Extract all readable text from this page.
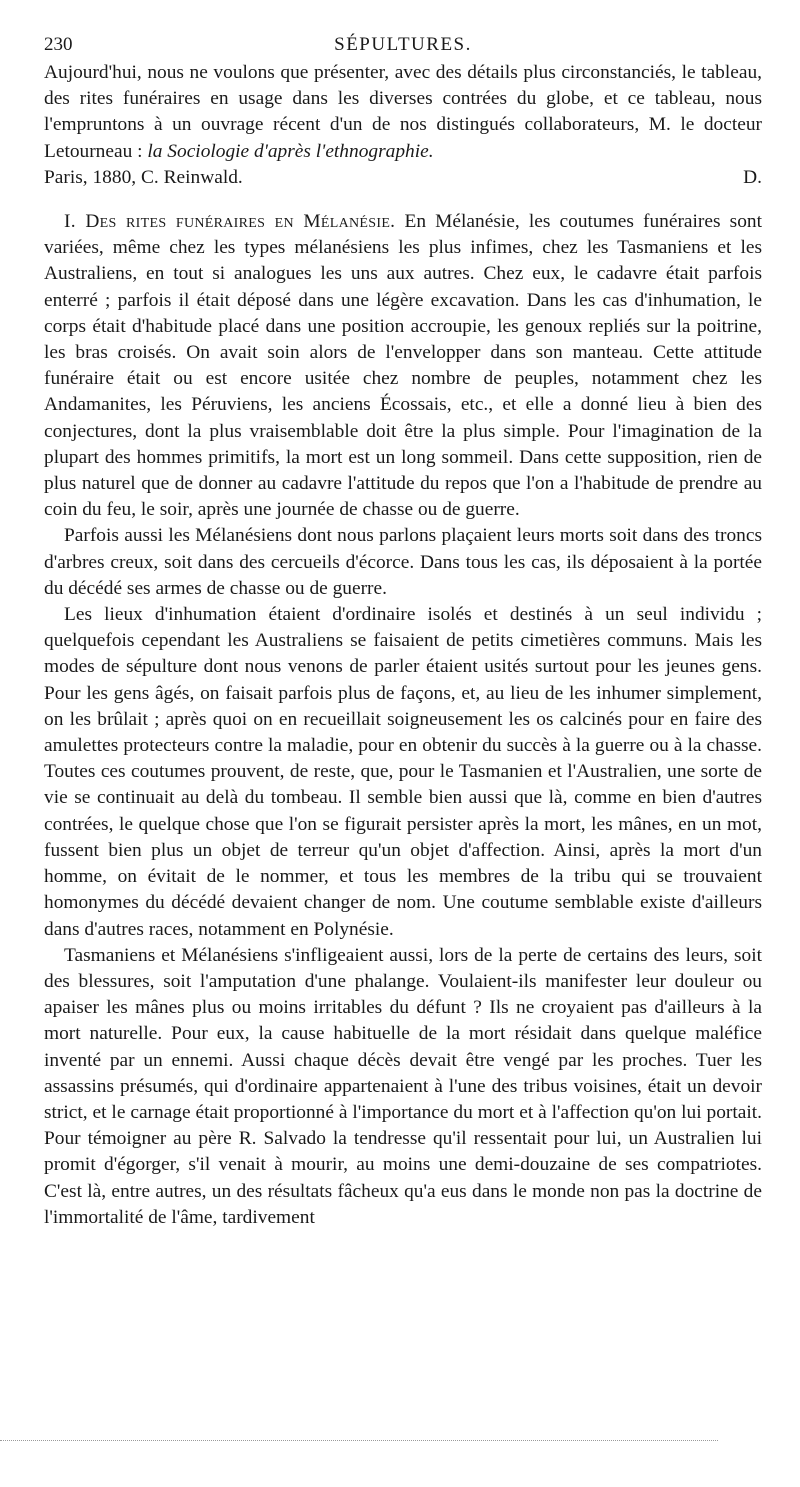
230	SÉPULTURES.

Aujourd'hui, nous ne voulons que présenter, avec des détails plus circonstanciés, le tableau, des rites funéraires en usage dans les diverses contrées du globe, et ce tableau, nous l'empruntons à un ouvrage récent d'un de nos distingués collaborateurs, M. le docteur Letourneau : la Sociologie d'après l'ethnographie.

Paris, 1880, C. Reinwald.	D.

I. Des rites funéraires en Mélanésie. En Mélanésie, les coutumes funéraires sont variées, même chez les types mélanésiens les plus infimes, chez les Tasmaniens et les Australiens, en tout si analogues les uns aux autres. Chez eux, le cadavre était parfois enterré ; parfois il était déposé dans une légère excavation. Dans les cas d'inhumation, le corps était d'habitude placé dans une position accroupie, les genoux repliés sur la poitrine, les bras croisés. On avait soin alors de l'envelopper dans son manteau. Cette attitude funéraire était ou est encore usitée chez nombre de peuples, notamment chez les Andamanites, les Péruviens, les anciens Écossais, etc., et elle a donné lieu à bien des conjectures, dont la plus vraisemblable doit être la plus simple. Pour l'imagination de la plupart des hommes primitifs, la mort est un long sommeil. Dans cette supposition, rien de plus naturel que de donner au cadavre l'attitude du repos que l'on a l'habitude de prendre au coin du feu, le soir, après une journée de chasse ou de guerre.

Parfois aussi les Mélanésiens dont nous parlons plaçaient leurs morts soit dans des troncs d'arbres creux, soit dans des cercueils d'écorce. Dans tous les cas, ils déposaient à la portée du décédé ses armes de chasse ou de guerre.

Les lieux d'inhumation étaient d'ordinaire isolés et destinés à un seul individu ; quelquefois cependant les Australiens se faisaient de petits cimetières communs. Mais les modes de sépulture dont nous venons de parler étaient usités surtout pour les jeunes gens. Pour les gens âgés, on faisait parfois plus de façons, et, au lieu de les inhumer simplement, on les brûlait ; après quoi on en recueillait soigneusement les os calcinés pour en faire des amulettes protecteurs contre la maladie, pour en obtenir du succès à la guerre ou à la chasse. Toutes ces coutumes prouvent, de reste, que, pour le Tasmanien et l'Australien, une sorte de vie se continuait au delà du tombeau. Il semble bien aussi que là, comme en bien d'autres contrées, le quelque chose que l'on se figurait persister après la mort, les mânes, en un mot, fussent bien plus un objet de terreur qu'un objet d'affection. Ainsi, après la mort d'un homme, on évitait de le nommer, et tous les membres de la tribu qui se trouvaient homonymes du décédé devaient changer de nom. Une coutume semblable existe d'ailleurs dans d'autres races, notamment en Polynésie.

Tasmaniens et Mélanésiens s'infligeaient aussi, lors de la perte de certains des leurs, soit des blessures, soit l'amputation d'une phalange. Voulaient-ils manifester leur douleur ou apaiser les mânes plus ou moins irritables du défunt ? Ils ne croyaient pas d'ailleurs à la mort naturelle. Pour eux, la cause habituelle de la mort résidait dans quelque maléfice inventé par un ennemi. Aussi chaque décès devait être vengé par les proches. Tuer les assassins présumés, qui d'ordinaire appartenaient à l'une des tribus voisines, était un devoir strict, et le carnage était proportionné à l'importance du mort et à l'affection qu'on lui portait. Pour témoigner au père R. Salvado la tendresse qu'il ressentait pour lui, un Australien lui promit d'égorger, s'il venait à mourir, au moins une demi-douzaine de ses compatriotes. C'est là, entre autres, un des résultats fâcheux qu'a eus dans le monde non pas la doctrine de l'immortalité de l'âme, tardivement
